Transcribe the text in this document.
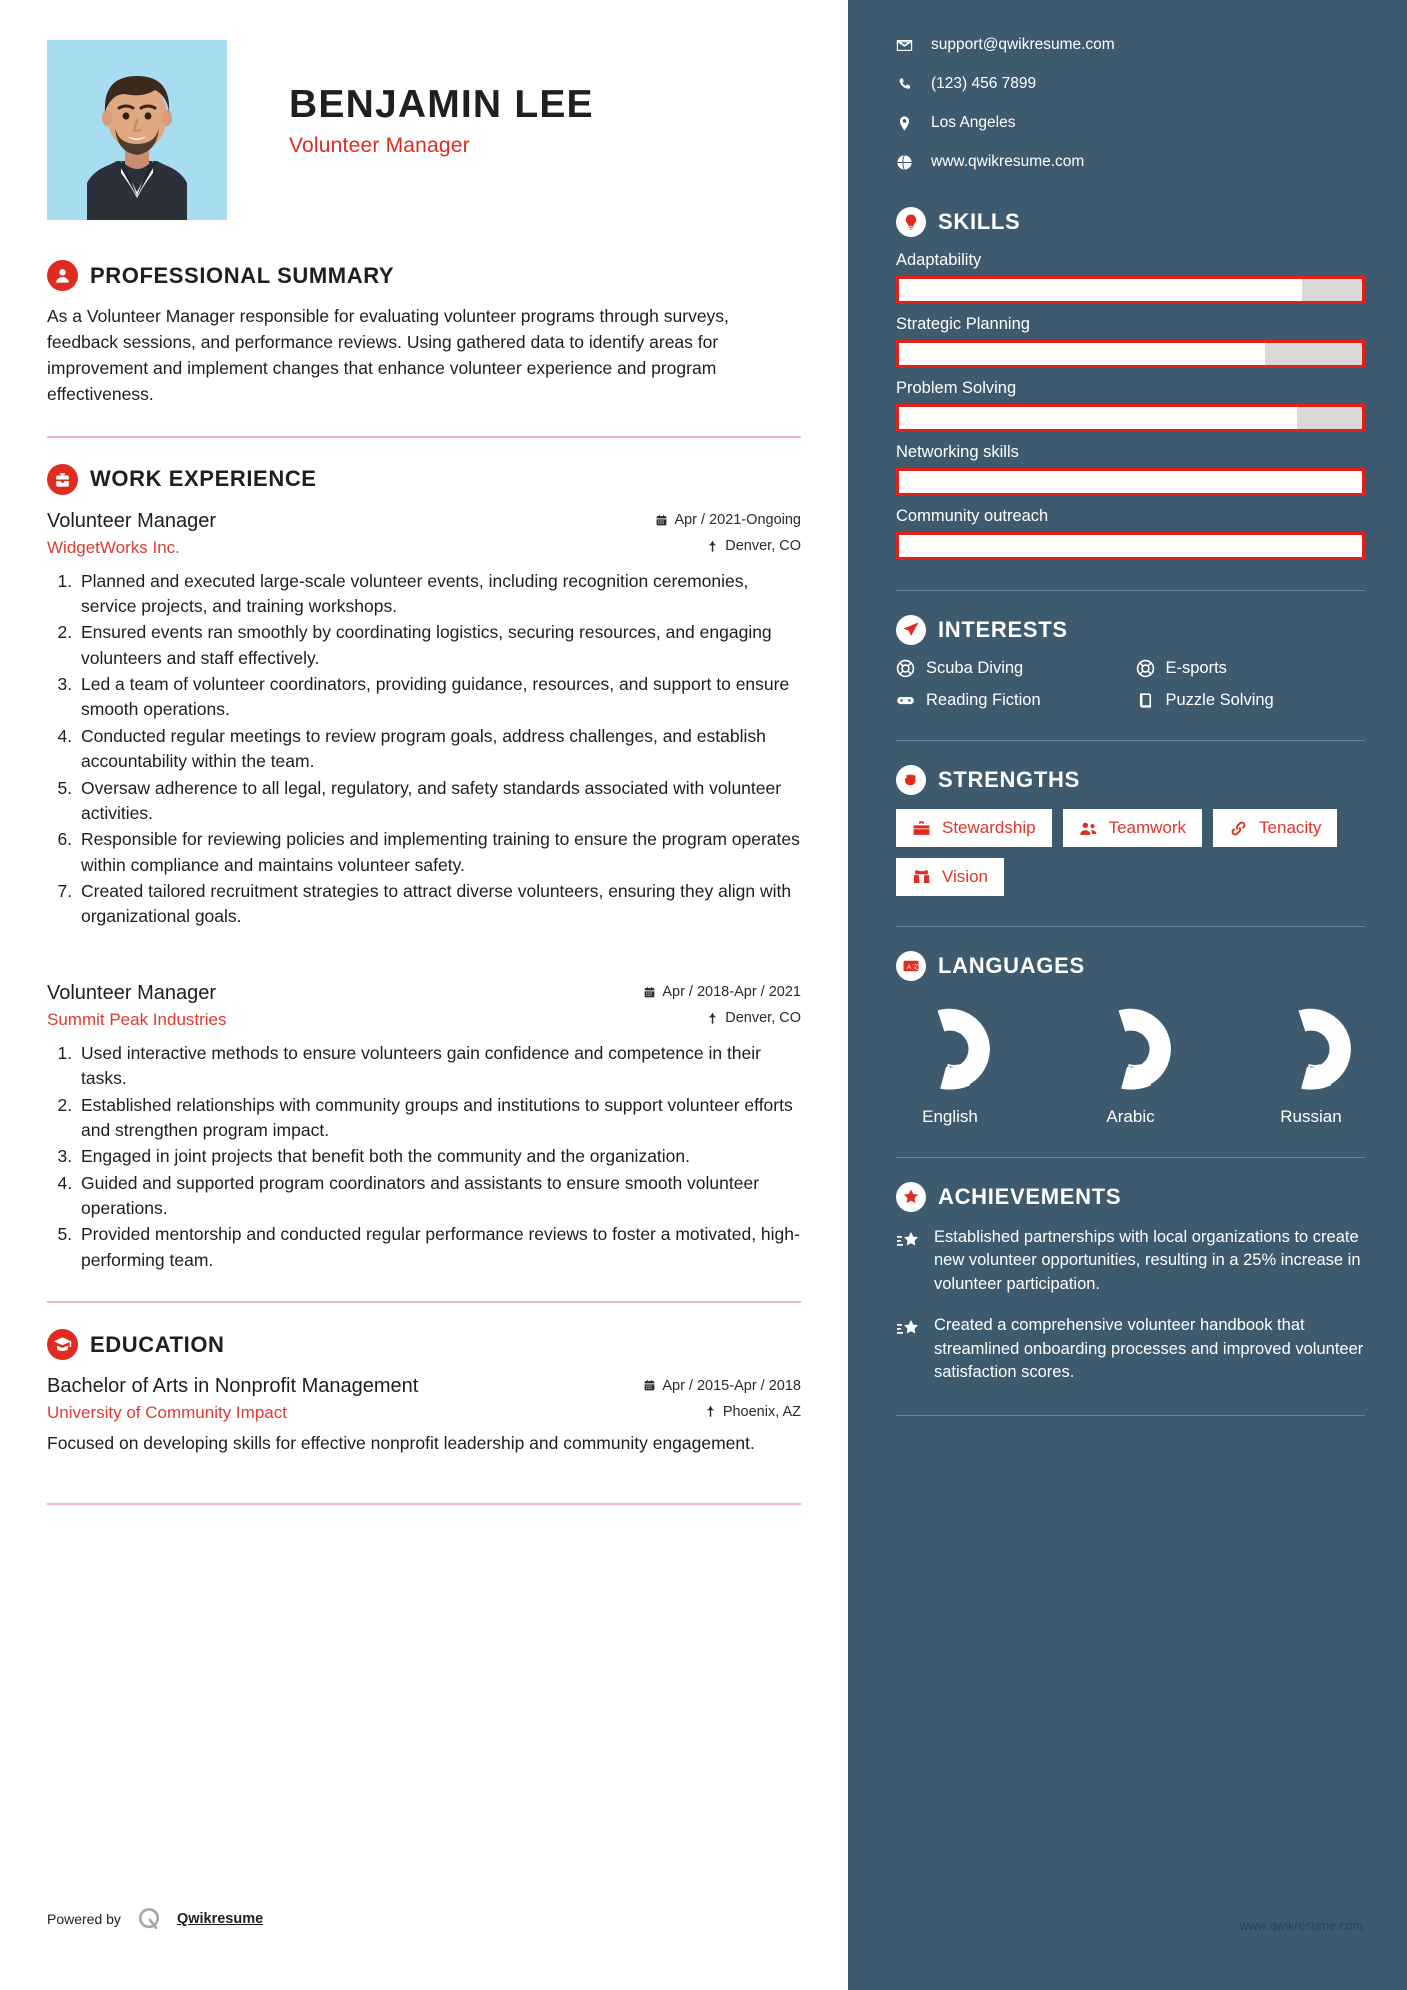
BENJAMIN LEE
Volunteer Manager
PROFESSIONAL SUMMARY
As a Volunteer Manager responsible for evaluating volunteer programs through surveys, feedback sessions, and performance reviews. Using gathered data to identify areas for improvement and implement changes that enhance volunteer experience and program effectiveness.
WORK EXPERIENCE
Volunteer Manager	Apr / 2021-Ongoing
WidgetWorks Inc.	Denver, CO
1. Planned and executed large-scale volunteer events, including recognition ceremonies, service projects, and training workshops.
2. Ensured events ran smoothly by coordinating logistics, securing resources, and engaging volunteers and staff effectively.
3. Led a team of volunteer coordinators, providing guidance, resources, and support to ensure smooth operations.
4. Conducted regular meetings to review program goals, address challenges, and establish accountability within the team.
5. Oversaw adherence to all legal, regulatory, and safety standards associated with volunteer activities.
6. Responsible for reviewing policies and implementing training to ensure the program operates within compliance and maintains volunteer safety.
7. Created tailored recruitment strategies to attract diverse volunteers, ensuring they align with organizational goals.
Volunteer Manager	Apr / 2018-Apr / 2021
Summit Peak Industries	Denver, CO
1. Used interactive methods to ensure volunteers gain confidence and competence in their tasks.
2. Established relationships with community groups and institutions to support volunteer efforts and strengthen program impact.
3. Engaged in joint projects that benefit both the community and the organization.
4. Guided and supported program coordinators and assistants to ensure smooth volunteer operations.
5. Provided mentorship and conducted regular performance reviews to foster a motivated, high-performing team.
EDUCATION
Bachelor of Arts in Nonprofit Management	Apr / 2015-Apr / 2018
University of Community Impact	Phoenix, AZ
Focused on developing skills for effective nonprofit leadership and community engagement.
Powered by	Qwikresume
support@qwikresume.com
(123) 456 7899
Los Angeles
www.qwikresume.com
SKILLS
Adaptability
Strategic Planning
Problem Solving
Networking skills
Community outreach
INTERESTS
Scuba Diving	E-sports
Reading Fiction	Puzzle Solving
STRENGTHS
Stewardship	Teamwork	Tenacity
Vision
A 文 LANGUAGES
English	Arabic	Russian
ACHIEVEMENTS
Established partnerships with local organizations to create new volunteer opportunities, resulting in a 25% increase in volunteer participation.
Created a comprehensive volunteer handbook that streamlined onboarding processes and improved volunteer satisfaction scores.
www.qwikresume.com
